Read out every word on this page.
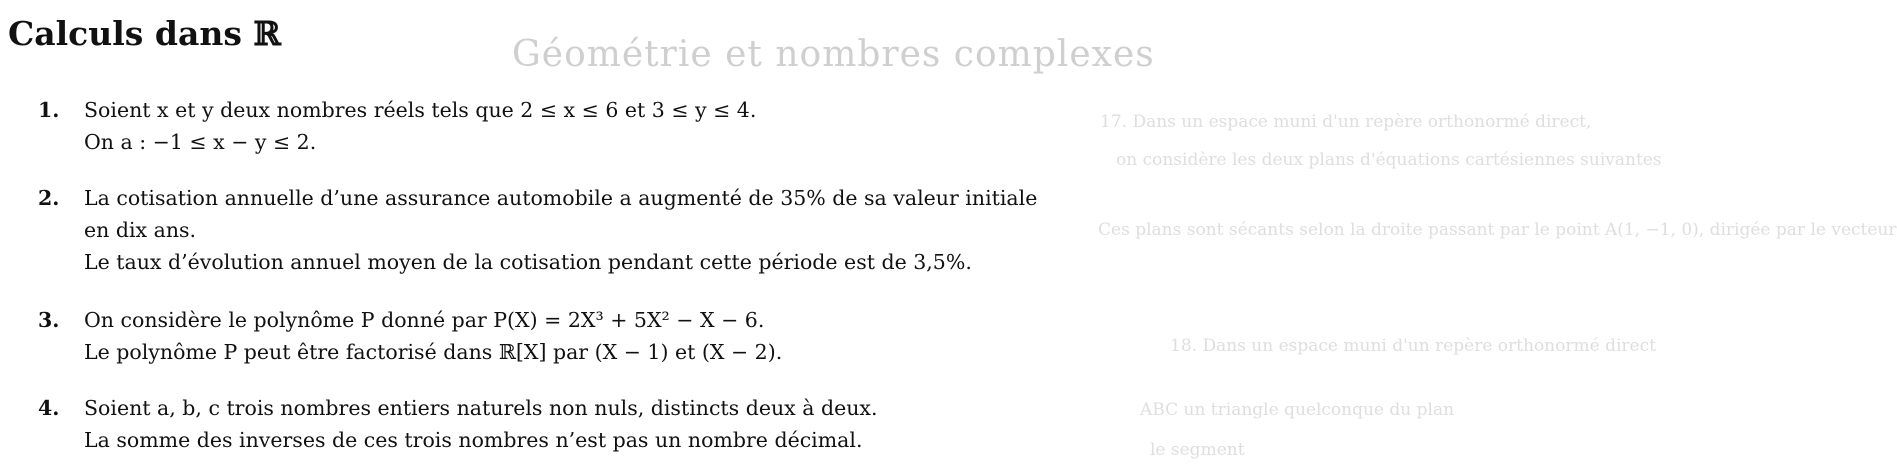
Géométrie et nombres complexes
17. Dans un espace muni d'un repère orthonormé direct,
on considère les deux plans d'équations cartésiennes suivantes
Ces plans sont sécants selon la droite passant par le point A(1, −1, 0), dirigée par le vecteur
18. Dans un espace muni d'un repère orthonormé direct
ABC un triangle quelconque du plan
le segment
Calculs dans ℝ
1.	Soient x et y deux nombres réels tels que 2 ≤ x ≤ 6 et 3 ≤ y ≤ 4.
On a : −1 ≤ x − y ≤ 2.
2.	La cotisation annuelle d’une assurance automobile a augmenté de 35% de sa valeur initiale
en dix ans.
Le taux d’évolution annuel moyen de la cotisation pendant cette période est de 3,5%.
3.	On considère le polynôme P donné par P(X) = 2X³ + 5X² − X − 6.
Le polynôme P peut être factorisé dans ℝ[X] par (X − 1) et (X − 2).
4.	Soient a, b, c trois nombres entiers naturels non nuls, distincts deux à deux.
La somme des inverses de ces trois nombres n’est pas un nombre décimal.
